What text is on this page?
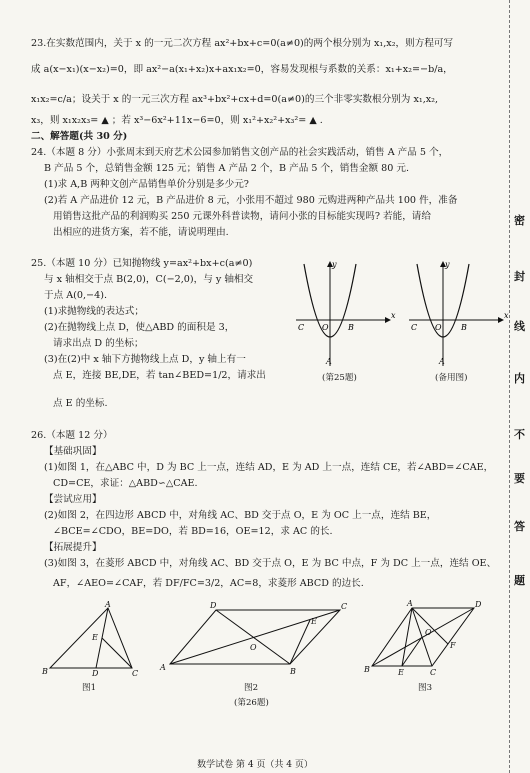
23.在实数范围内，关于 x 的一元二次方程 ax²+bx+c=0(a≠0)的两个根分别为 x₁,x₂，则方程可写
成 a(x−x₁)(x−x₂)=0，即 ax²−a(x₁+x₂)x+ax₁x₂=0，容易发现根与系数的关系：x₁+x₂=−b/a，
x₁x₂=c/a；设关于 x 的一元三次方程 ax³+bx²+cx+d=0(a≠0)的三个非零实数根分别为 x₁,x₂,
x₃，则 x₁x₂x₃= ▲ ；若 x³−6x²+11x−6=0，则 x₁²+x₂²+x₃²= ▲ .
二、解答题(共 30 分)
24.（本题 8 分）小张周末到天府艺术公园参加销售文创产品的社会实践活动，销售 A 产品 5 个，
B 产品 5 个，总销售金额 125 元；销售 A 产品 2 个，B 产品 5 个，销售金额 80 元.
(1)求 A,B 两种文创产品销售单价分别是多少元?
(2)若 A 产品进价 12 元，B 产品进价 8 元，小张用不超过 980 元购进两种产品共 100 件，准备
用销售这批产品的利润购买 250 元课外科普读物，请问小张的目标能实现吗? 若能，请给
出相应的进货方案，若不能，请说明理由.
25.（本题 10 分）已知抛物线 y=ax²+bx+c(a≠0)
与 x 轴相交于点 B(2,0)，C(−2,0)，与 y 轴相交
于点 A(0,−4).
(1)求抛物线的表达式；
(2)在抛物线上点 D，使△ABD 的面积是 3，
请求出点 D 的坐标；
(3)在(2)中 x 轴下方抛物线上点 D，y 轴上有一
点 E，连接 BE,DE，若 tan∠BED=1/2，请求出
点 E 的坐标.
x
y
C O B
A
(第25题)
x
y
C O B
A
(备用图)
26.（本题 12 分）
【基础巩固】
(1)如图 1，在△ABC 中，D 为 BC 上一点，连结 AD，E 为 AD 上一点，连结 CE，若∠ABD=∠CAE，
CD=CE，求证：△ABD∽△CAE.
【尝试应用】
(2)如图 2，在四边形 ABCD 中，对角线 AC、BD 交于点 O，E 为 OC 上一点，连结 BE，
∠BCE=∠CDO，BE=DO，若 BD=16，OE=12，求 AC 的长.
【拓展提升】
(3)如图 3，在菱形 ABCD 中，对角线 AC、BD 交于点 O，E 为 BC 中点，F 为 DC 上一点，连结 OE、
AF，∠AEO=∠CAF，若 DF/FC=3/2，AC=8，求菱形 ABCD 的边长.
A
B	D	C
E
图1
A
D	C
B
O
E
图2
A	D
B	C
E
O
F
图3
(第26题)
密
封
线
内
不
要
答
题
数学试卷 第 4 页（共 4 页）
